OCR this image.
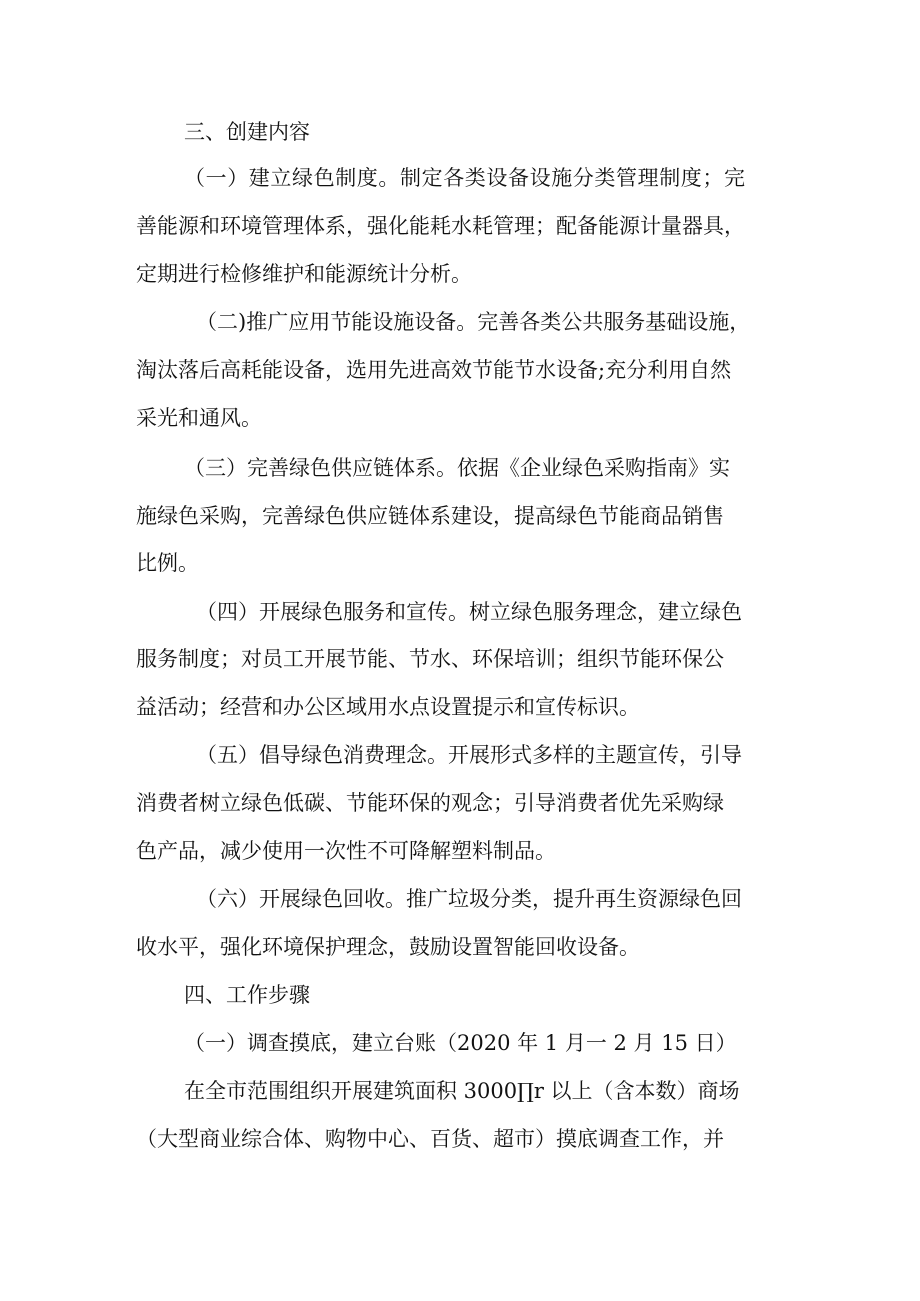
三、创建内容
（一）建立绿色制度。制定各类设备设施分类管理制度；完
善能源和环境管理体系，强化能耗水耗管理；配备能源计量器具，
定期进行检修维护和能源统计分析。
（二)推广应用节能设施设备。完善各类公共服务基础设施，
淘汰落后高耗能设备，选用先进高效节能节水设备;充分利用自然
采光和通风。
（三）完善绿色供应链体系。依据《企业绿色采购指南》实
施绿色采购，完善绿色供应链体系建设，提高绿色节能商品销售
比例。
（四）开展绿色服务和宣传。树立绿色服务理念，建立绿色
服务制度；对员工开展节能、节水、环保培训；组织节能环保公
益活动；经营和办公区域用水点设置提示和宣传标识。
（五）倡导绿色消费理念。开展形式多样的主题宣传，引导
消费者树立绿色低碳、节能环保的观念；引导消费者优先采购绿
色产品，减少使用一次性不可降解塑料制品。
（六）开展绿色回收。推广垃圾分类，提升再生资源绿色回
收水平，强化环境保护理念，鼓励设置智能回收设备。
四、工作步骤
（一）调查摸底，建立台账（2020 年 1 月一 2 月 15 日）
在全市范围组织开展建筑面积 3000∏r 以上（含本数）商场
（大型商业综合体、购物中心、百货、超市）摸底调查工作，并
